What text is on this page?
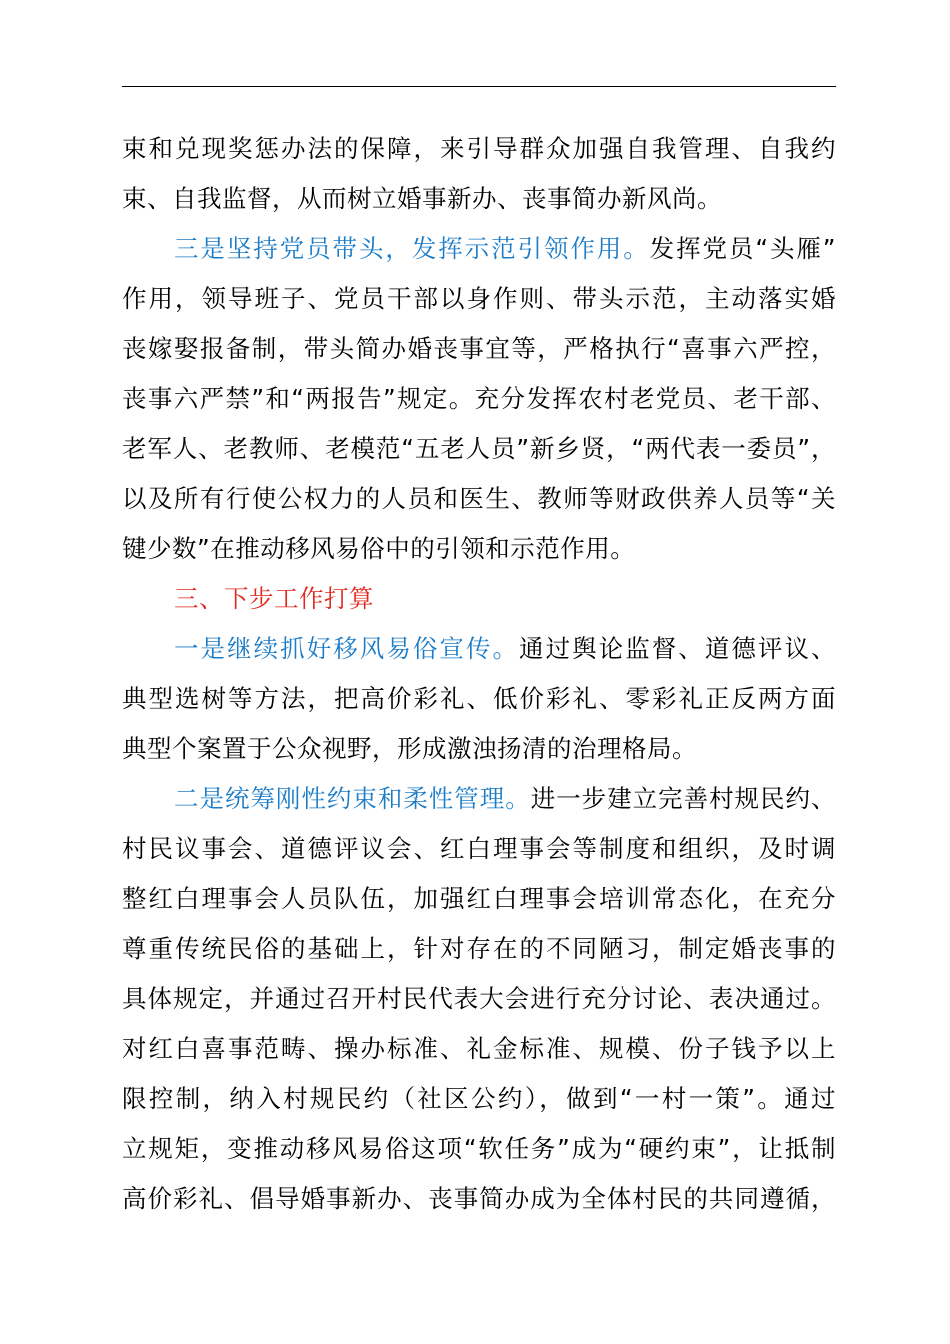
束和兑现奖惩办法的保障，来引导群众加强自我管理、自我约
束、自我监督，从而树立婚事新办、丧事简办新风尚。
三是坚持党员带头，发挥示范引领作用。发挥党员“头雁”
作用，领导班子、党员干部以身作则、带头示范，主动落实婚
丧嫁娶报备制，带头简办婚丧事宜等，严格执行“喜事六严控，
丧事六严禁”和“两报告”规定。充分发挥农村老党员、老干部、
老军人、老教师、老模范“五老人员”新乡贤，“两代表一委员”，
以及所有行使公权力的人员和医生、教师等财政供养人员等“关
键少数”在推动移风易俗中的引领和示范作用。
三、下步工作打算
一是继续抓好移风易俗宣传。通过舆论监督、道德评议、
典型选树等方法，把高价彩礼、低价彩礼、零彩礼正反两方面
典型个案置于公众视野，形成激浊扬清的治理格局。
二是统筹刚性约束和柔性管理。进一步建立完善村规民约、
村民议事会、道德评议会、红白理事会等制度和组织，及时调
整红白理事会人员队伍，加强红白理事会培训常态化，在充分
尊重传统民俗的基础上，针对存在的不同陋习，制定婚丧事的
具体规定，并通过召开村民代表大会进行充分讨论、表决通过。
对红白喜事范畴、操办标准、礼金标准、规模、份子钱予以上
限控制，纳入村规民约（社区公约），做到“一村一策”。通过
立规矩，变推动移风易俗这项“软任务”成为“硬约束”，让抵制
高价彩礼、倡导婚事新办、丧事简办成为全体村民的共同遵循，
